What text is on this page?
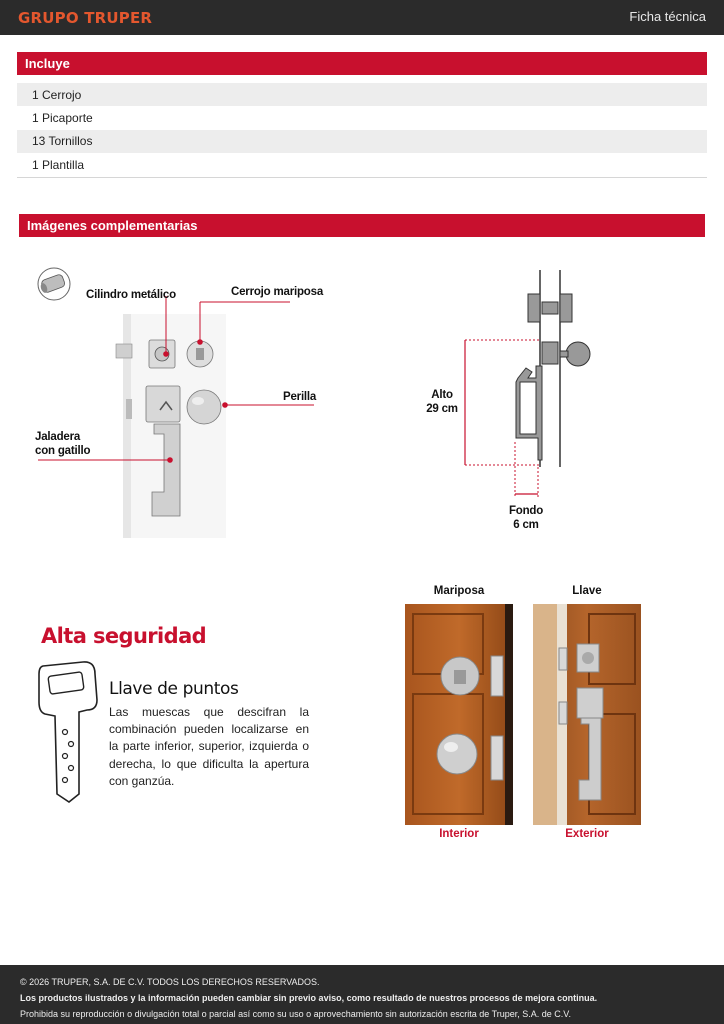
GRUPO TRUPER	Ficha técnica
Incluye
1 Cerrojo
1 Picaporte
13 Tornillos
1 Plantilla
Imágenes complementarias
Cilindro metálico	Cerrojo mariposa
Perilla
Jaladera
con gatillo
Alto
29 cm
Fondo
6 cm
Alta seguridad
Llave de puntos
Las muescas que descifran la combinación pueden localizarse en la parte inferior, superior, izquierda o derecha, lo que dificulta la apertura con ganzúa.
Mariposa	Llave
Interior	Exterior
© 2026 TRUPER, S.A. DE C.V. TODOS LOS DERECHOS RESERVADOS.
Los productos ilustrados y la información pueden cambiar sin previo aviso, como resultado de nuestros procesos de mejora continua.
Prohibida su reproducción o divulgación total o parcial así como su uso o aprovechamiento sin autorización escrita de Truper, S.A. de C.V.
